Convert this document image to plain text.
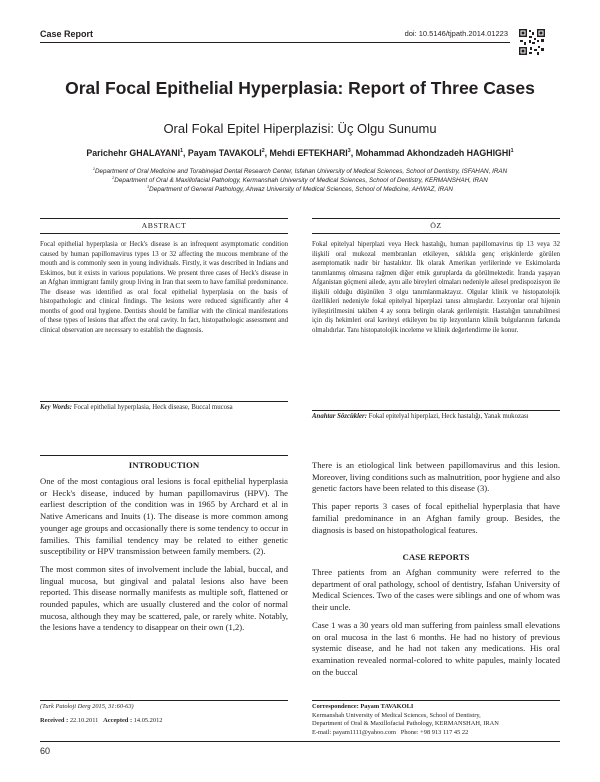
Case Report	doi: 10.5146/tjpath.2014.01223
Oral Focal Epithelial Hyperplasia: Report of Three Cases
Oral Fokal Epitel Hiperplazisi: Üç Olgu Sunumu
Parichehr GHALAYANI$^1$, Payam TAVAKOLI$^2$, Mehdi EFTEKHARI$^3$, Mohammad Akhondzadeh HAGHIGHI$^1$
$^1$Department of Oral Medicine and Torabinejad Dental Research Center, Isfahan University of Medical Sciences, School of Dentistry, ISFAHAN, IRAN
$^2$Department of Oral & Maxillofacial Pathology, Kermanshah University of Medical Sciences, School of Dentistry, KERMANSHAH, IRAN
$^3$Department of General Pathology, Ahwaz University of Medical Sciences, School of Medicine, AHWAZ, IRAN
ABSTRACT
Focal epithelial hyperplasia or Heck's disease is an infrequent asymptomatic condition caused by human papillomavirus types 13 or 32 affecting the mucous membrane of the mouth and is commonly seen in young individuals. Firstly, it was described in Indians and Eskimos, but it exists in various populations. We present three cases of Heck's disease in an Afghan immigrant family group living in Iran that seem to have familial predominance. The disease was identified as oral focal epithelial hyperplasia on the basis of histopathologic and clinical findings. The lesions were reduced significantly after 4 months of good oral hygiene. Dentists should be familiar with the clinical manifestations of these types of lesions that affect the oral cavity. In fact, histopathologic assessment and clinical observation are necessary to establish the diagnosis.
Key Words: Focal epithelial hyperplasia, Heck disease, Buccal mucosa
ÖZ
Fokal epitelyal hiperplazi veya Heck hastalığı, human papillomavirus tip 13 veya 32 ilişkili oral mukozal membranları etkileyen, sıklıkla genç erişkinlerde görülen asemptomatik nadir bir hastalıktır. İlk olarak Amerikan yerlilerinde ve Eskimolarda tanımlanmış olmasına rağmen diğer etnik guruplarda da görülmektedir. İranda yaşayan Afganistan göçmeni ailede, aynı aile bireyleri olmaları nedeniyle ailesel predispozisyon ile ilişkili olduğu düşünülen 3 olgu tanımlanmaktayız. Olgular klinik ve histopatolojik özellikleri nedeniyle fokal epitelyal hiperplazi tanısı almışlardır. Lezyonlar oral hijenin iyileştirilmesini takiben 4 ay sonra belirgin olarak gerilemiştir. Hastalığın tanınabilmesi için diş hekimleri oral kaviteyi etkileyen bu tip lezyonların klinik bulgularının farkında olmalıdırlar. Tanı histopatolojik inceleme ve klinik değerlendirme ile konur.
Anahtar Sözcükler: Fokal epitelyal hiperplazi, Heck hastalığı, Yanak mukozası
INTRODUCTION

One of the most contagious oral lesions is focal epithelial hyperplasia or Heck's disease, induced by human papillomavirus (HPV). The earliest description of the condition was in 1965 by Archard et al in Native Americans and Inuits (1). The disease is more common among younger age groups and occasionally there is some tendency to occur in families. This familial tendency may be related to either genetic susceptibility or HPV transmission between family members. (2).

The most common sites of involvement include the labial, buccal, and lingual mucosa, but gingival and palatal lesions also have been reported. This disease normally manifests as multiple soft, flattened or rounded papules, which are usually clustered and the color of normal mucosa, although they may be scattered, pale, or rarely white. Notably, the lesions have a tendency to disappear on their own (1,2).

There is an etiological link between papillomavirus and this lesion. Moreover, living conditions such as malnutrition, poor hygiene and also genetic factors have been related to this disease (3).

This paper reports 3 cases of focal epithelial hyperplasia that have familial predominance in an Afghan family group. Besides, the diagnosis is based on histopathological features.

CASE REPORTS

Three patients from an Afghan community were referred to the department of oral pathology, school of dentistry, Isfahan University of Medical Sciences. Two of the cases were siblings and one of whom was their uncle.

Case 1 was a 30 years old man suffering from painless small elevations on oral mucosa in the last 6 months. He had no history of previous systemic disease, and he had not taken any medications. His oral examination revealed normal-colored to white papules, mainly located on the buccal

(Turk Patoloji Derg 2015, 31:60-63)
Received : 22.10.2011 Accepted : 14.05.2012
Correspondence: Payam TAVAKOLI
Kermanshah University of Medical Sciences, School of Dentistry,
Department of Oral & Maxillofacial Pathology, KERMANSHAH, IRAN
E-mail: payam1111@yahoo.com Phone: +98 913 117 45 22
60
